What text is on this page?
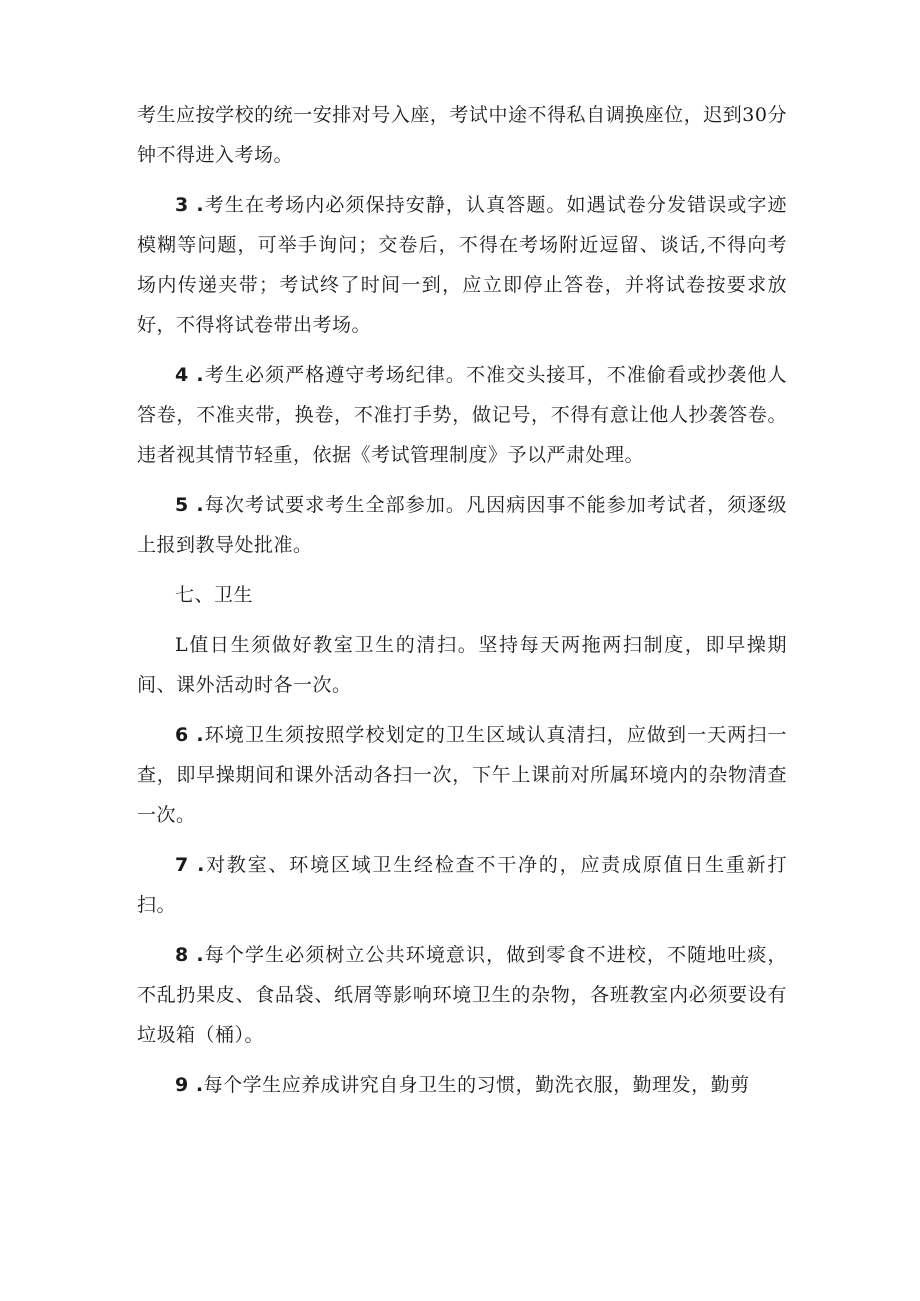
考生应按学校的统一安排对号入座，考试中途不得私自调换座位，迟到30分钟不得进入考场。

3 .考生在考场内必须保持安静，认真答题。如遇试卷分发错误或字迹模糊等问题，可举手询问；交卷后，不得在考场附近逗留、谈话,不得向考场内传递夹带；考试终了时间一到，应立即停止答卷，并将试卷按要求放好，不得将试卷带出考场。

4 .考生必须严格遵守考场纪律。不准交头接耳，不准偷看或抄袭他人答卷，不准夹带，换卷，不准打手势，做记号，不得有意让他人抄袭答卷。违者视其情节轻重，依据《考试管理制度》予以严肃处理。

5 .每次考试要求考生全部参加。凡因病因事不能参加考试者，须逐级上报到教导处批准。

七、卫生

L值日生须做好教室卫生的清扫。坚持每天两拖两扫制度，即早操期间、课外活动时各一次。

6 .环境卫生须按照学校划定的卫生区域认真清扫，应做到一天两扫一查，即早操期间和课外活动各扫一次，下午上课前对所属环境内的杂物清查一次。

7 .对教室、环境区域卫生经检查不干净的，应责成原值日生重新打扫。

8 .每个学生必须树立公共环境意识，做到零食不进校，不随地吐痰，不乱扔果皮、食品袋、纸屑等影响环境卫生的杂物，各班教室内必须要设有垃圾箱（桶）。

9 .每个学生应养成讲究自身卫生的习惯，勤洗衣服，勤理发，勤剪
